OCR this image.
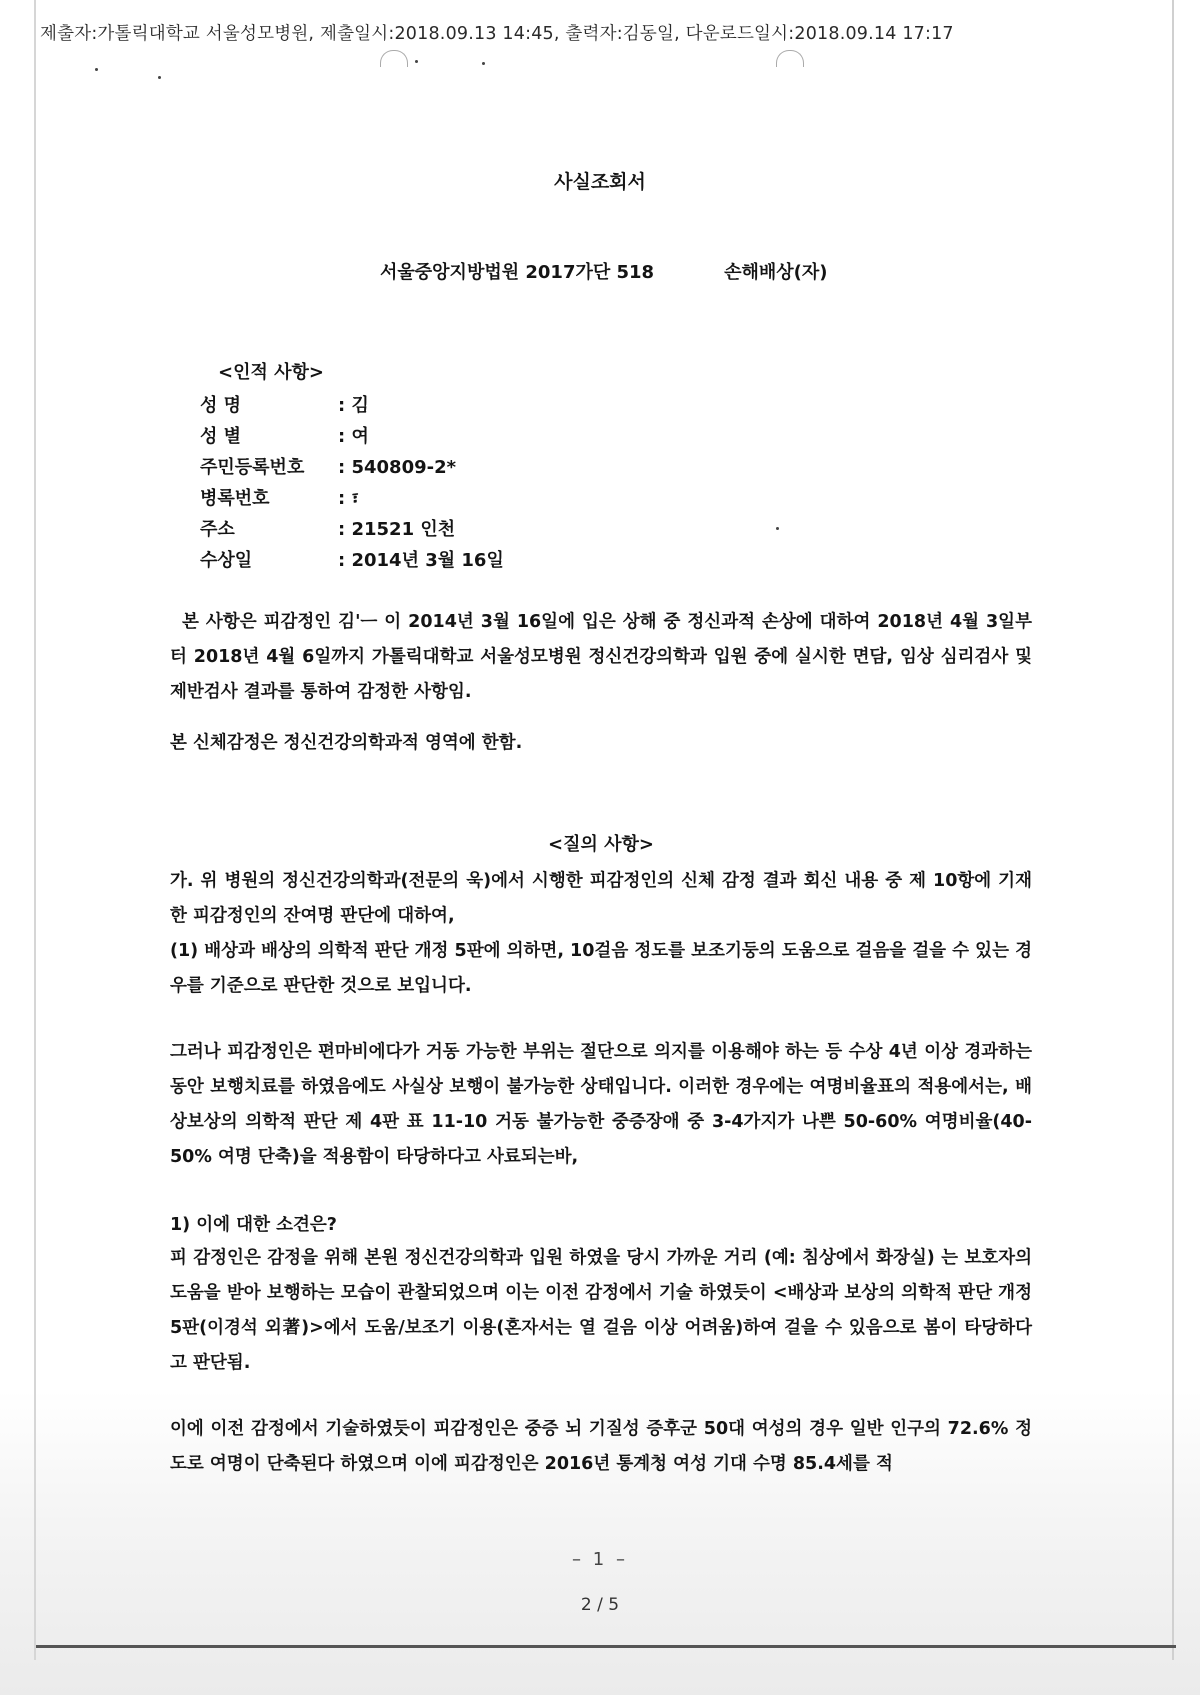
제출자:가톨릭대학교 서울성모병원, 제출일시:2018.09.13 14:45, 출력자:김동일, 다운로드일시:2018.09.14 17:17
사실조회서
서울중앙지방법원 2017가단 518	손해배상(자)
<인적 사항>
성 명	: 김
성 별	: 여
주민등록번호 : 540809-2*
병록번호	: ፣
주소	: 21521 인천
수상일	: 2014년 3월 16일
본 사항은 피감정인 김'ᅳ 이 2014년 3월 16일에 입은 상해 중 정신과적 손상에 대하여 2018년 4월 3일부터 2018년 4월 6일까지 가톨릭대학교 서울성모병원 정신건강의학과 입원 중에 실시한 면담, 임상 심리검사 및 제반검사 결과를 통하여 감정한 사항임.
본 신체감정은 정신건강의학과적 영역에 한함.
<질의 사항>
가. 위 병원의 정신건강의학과(전문의 욱)에서 시행한 피감정인의 신체 감정 결과 회신 내용 중 제 10항에 기재한 피감정인의 잔여명 판단에 대하여,
(1) 배상과 배상의 의학적 판단 개정 5판에 의하면, 10걸음 정도를 보조기둥의 도움으로 걸음을 걸을 수 있는 경우를 기준으로 판단한 것으로 보입니다.
그러나 피감정인은 편마비에다가 거동 가능한 부위는 절단으로 의지를 이용해야 하는 등 수상 4년 이상 경과하는 동안 보행치료를 하였음에도 사실상 보행이 불가능한 상태입니다. 이러한 경우에는 여명비율표의 적용에서는, 배상보상의 의학적 판단 제 4판 표 11-10 거동 불가능한 중증장애 중 3-4가지가 나쁜 50-60% 여명비율(40-50% 여명 단축)을 적용함이 타당하다고 사료되는바,
1) 이에 대한 소견은?
피 감정인은 감정을 위해 본원 정신건강의학과 입원 하였을 당시 가까운 거리 (예: 침상에서 화장실) 는 보호자의 도움을 받아 보행하는 모습이 관찰되었으며 이는 이전 감정에서 기술 하였듯이 <배상과 보상의 의학적 판단 개정 5판(이경석 외著)>에서 도움/보조기 이용(혼자서는 열 걸음 이상 어려움)하여 걸을 수 있음으로 봄이 타당하다고 판단됨.
이에 이전 감정에서 기술하였듯이 피감정인은 중증 뇌 기질성 증후군 50대 여성의 경우 일반 인구의 72.6% 정도로 여명이 단축된다 하였으며 이에 피감정인은 2016년 통계청 여성 기대 수명 85.4세를 적
– 1 –
2 / 5
